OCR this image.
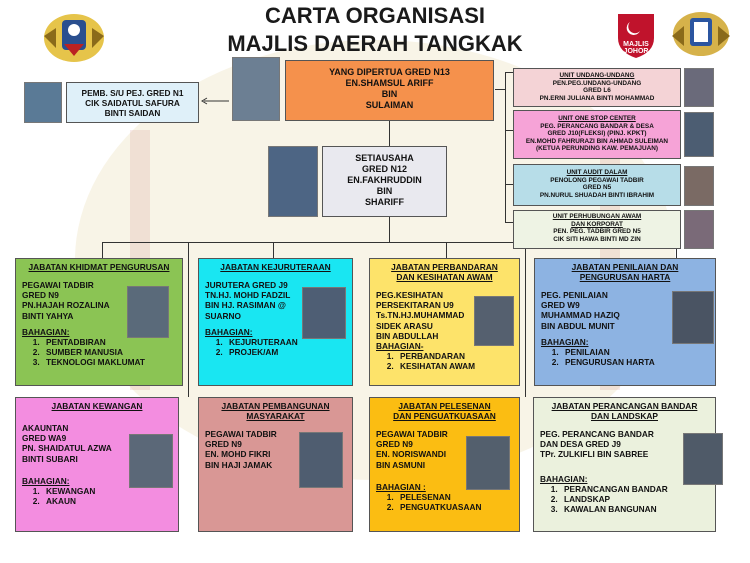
CARTA ORGANISASI
MAJLIS DAERAH TANGKAK	MAJLIS
JOHOR
PEMB. S/U PEJ. GRED N1
CIK SAIDATUL SAFURA
BINTI SAIDAN
YANG DIPERTUA GRED N13
EN.SHAMSUL ARIFF
BIN
SULAIMAN
SETIAUSAHA
GRED N12
EN.FAKHRUDDIN
BIN
SHARIFF
UNIT UNDANG-UNDANG
PEN.PEG.UNDANG-UNDANG
GRED L6
PN.ERNI JULIANA BINTI MOHAMMAD
UNIT ONE STOP CENTER
PEG. PERANCANG BANDAR & DESA
GRED J10(FLEKSI) (PINJ. KPKT)
EN.MOHD FAHRURAZI BIN AHMAD SULEIMAN
(KETUA PERUNDING KAW. PEMAJUAN)
UNIT AUDIT DALAM
PENOLONG PEGAWAI TADBIR
GRED N5
PN.NURUL SHUADAH BINTI IBRAHIM
UNIT PERHUBUNGAN AWAM
DAN KORPORAT
PEN. PEG. TADBIR GRED N5
CIK SITI HAWA BINTI MD ZIN
JABATAN KHIDMAT PENGURUSAN
PEGAWAI TADBIR
GRED N9
PN.HAJAH ROZALINA
BINTI YAHYA
BAHAGIAN:
1. PENTADBIRAN
2. SUMBER MANUSIA
3. TEKNOLOGI MAKLUMAT
JABATAN KEJURUTERAAN
JURUTERA GRED J9
TN.HJ. MOHD FADZIL
BIN HJ. RASIMAN @
SUARNO
BAHAGIAN:
1. KEJURUTERAAN
2. PROJEK/AM
JABATAN PERBANDARAN
DAN KESIHATAN AWAM
PEG.KESIHATAN
PERSEKITARAN U9
Ts.TN.HJ.MUHAMMAD
SIDEK ARASU
BIN ABDULLAH
BAHAGIAN-
1. PERBANDARAN
2. KESIHATAN AWAM
JABATAN PENILAIAN DAN
PENGURUSAN HARTA
PEG. PENILAIAN
GRED W9
MUHAMMAD HAZIQ
BIN ABDUL MUNIT
BAHAGIAN:
1. PENILAIAN
2. PENGURUSAN HARTA
JABATAN KEWANGAN
AKAUNTAN
GRED WA9
PN. SHAIDATUL AZWA
BINTI SUBARI
BAHAGIAN:
1. KEWANGAN
2. AKAUN
JABATAN PEMBANGUNAN
MASYARAKAT
PEGAWAI TADBIR
GRED N9
EN. MOHD FIKRI
BIN HAJI JAMAK
JABATAN PELESENAN
DAN PENGUATKUASAAN
PEGAWAI TADBIR
GRED N9
EN. NORISWANDI
BIN ASMUNI
BAHAGIAN :
1. PELESENAN
2. PENGUATKUASAAN
JABATAN PERANCANGAN BANDAR
DAN LANDSKAP
PEG. PERANCANG BANDAR
DAN DESA GRED J9
TPr. ZULKIFLI BIN SABREE
BAHAGIAN:
1. PERANCANGAN BANDAR
2. LANDSKAP
3. KAWALAN BANGUNAN
